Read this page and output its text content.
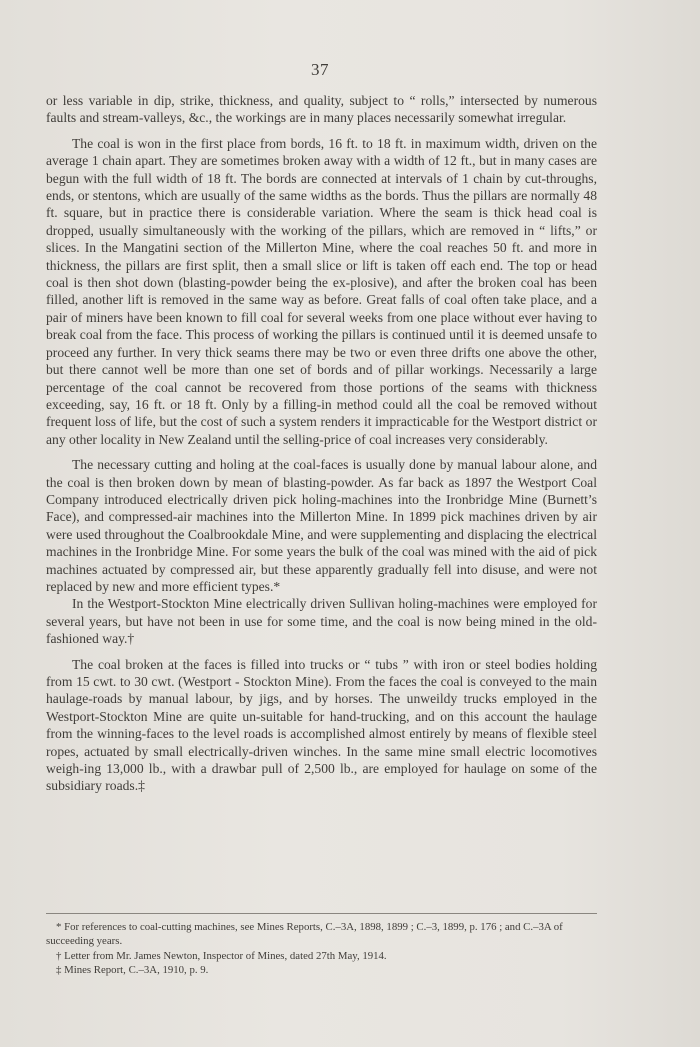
37

or less variable in dip, strike, thickness, and quality, subject to “ rolls,” intersected by numerous faults and stream-valleys, &c., the workings are in many places necessarily somewhat irregular.

The coal is won in the first place from bords, 16 ft. to 18 ft. in maximum width, driven on the average 1 chain apart. They are sometimes broken away with a width of 12 ft., but in many cases are begun with the full width of 18 ft. The bords are connected at intervals of 1 chain by cut-throughs, ends, or stentons, which are usually of the same widths as the bords. Thus the pillars are normally 48 ft. square, but in practice there is considerable variation. Where the seam is thick head coal is dropped, usually simultaneously with the working of the pillars, which are removed in “ lifts,” or slices. In the Mangatini section of the Millerton Mine, where the coal reaches 50 ft. and more in thickness, the pillars are first split, then a small slice or lift is taken off each end. The top or head coal is then shot down (blasting-powder being the ex-plosive), and after the broken coal has been filled, another lift is removed in the same way as before. Great falls of coal often take place, and a pair of miners have been known to fill coal for several weeks from one place without ever having to break coal from the face. This process of working the pillars is continued until it is deemed unsafe to proceed any further. In very thick seams there may be two or even three drifts one above the other, but there cannot well be more than one set of bords and of pillar workings. Necessarily a large percentage of the coal cannot be recovered from those portions of the seams with thickness exceeding, say, 16 ft. or 18 ft. Only by a filling-in method could all the coal be removed without frequent loss of life, but the cost of such a system renders it impracticable for the Westport district or any other locality in New Zealand until the selling-price of coal increases very considerably.

The necessary cutting and holing at the coal-faces is usually done by manual labour alone, and the coal is then broken down by mean of blasting-powder. As far back as 1897 the Westport Coal Company introduced electrically driven pick holing-machines into the Ironbridge Mine (Burnett’s Face), and compressed-air machines into the Millerton Mine. In 1899 pick machines driven by air were used throughout the Coalbrookdale Mine, and were supplementing and displacing the electrical machines in the Ironbridge Mine. For some years the bulk of the coal was mined with the aid of pick machines actuated by compressed air, but these apparently gradually fell into disuse, and were not replaced by new and more efficient types.*

In the Westport-Stockton Mine electrically driven Sullivan holing-machines were employed for several years, but have not been in use for some time, and the coal is now being mined in the old-fashioned way.†

The coal broken at the faces is filled into trucks or “ tubs ” with iron or steel bodies holding from 15 cwt. to 30 cwt. (Westport - Stockton Mine). From the faces the coal is conveyed to the main haulage-roads by manual labour, by jigs, and by horses. The unweildy trucks employed in the Westport-Stockton Mine are quite un-suitable for hand-trucking, and on this account the haulage from the winning-faces to the level roads is accomplished almost entirely by means of flexible steel ropes, actuated by small electrically-driven winches. In the same mine small electric locomotives weigh-ing 13,000 lb., with a drawbar pull of 2,500 lb., are employed for haulage on some of the subsidiary roads.‡

* For references to coal-cutting machines, see Mines Reports, C.–3A, 1898, 1899 ; C.–3, 1899, p. 176 ; and C.–3A of succeeding years.

† Letter from Mr. James Newton, Inspector of Mines, dated 27th May, 1914.

‡ Mines Report, C.–3A, 1910, p. 9.
